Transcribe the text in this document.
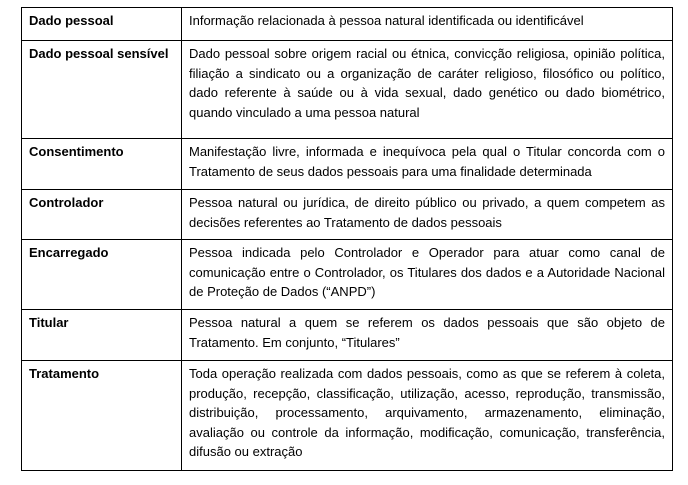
Dado pessoal	Informação relacionada à pessoa natural identificada ou identificável
Dado pessoal sensível	Dado pessoal sobre origem racial ou étnica, convicção religiosa, opinião política, filiação a sindicato ou a organização de caráter religioso, filosófico ou político, dado referente à saúde ou à vida sexual, dado genético ou dado biométrico, quando vinculado a uma pessoa natural
Consentimento	Manifestação livre, informada e inequívoca pela qual o Titular concorda com o Tratamento de seus dados pessoais para uma finalidade determinada
Controlador	Pessoa natural ou jurídica, de direito público ou privado, a quem competem as decisões referentes ao Tratamento de dados pessoais
Encarregado	Pessoa indicada pelo Controlador e Operador para atuar como canal de comunicação entre o Controlador, os Titulares dos dados e a Autoridade Nacional de Proteção de Dados (“ANPD”)
Titular	Pessoa natural a quem se referem os dados pessoais que são objeto de Tratamento. Em conjunto, “Titulares”
Tratamento	Toda operação realizada com dados pessoais, como as que se referem à coleta, produção, recepção, classificação, utilização, acesso, reprodução, transmissão, distribuição, processamento, arquivamento, armazenamento, eliminação, avaliação ou controle da informação, modificação, comunicação, transferência, difusão ou extração
